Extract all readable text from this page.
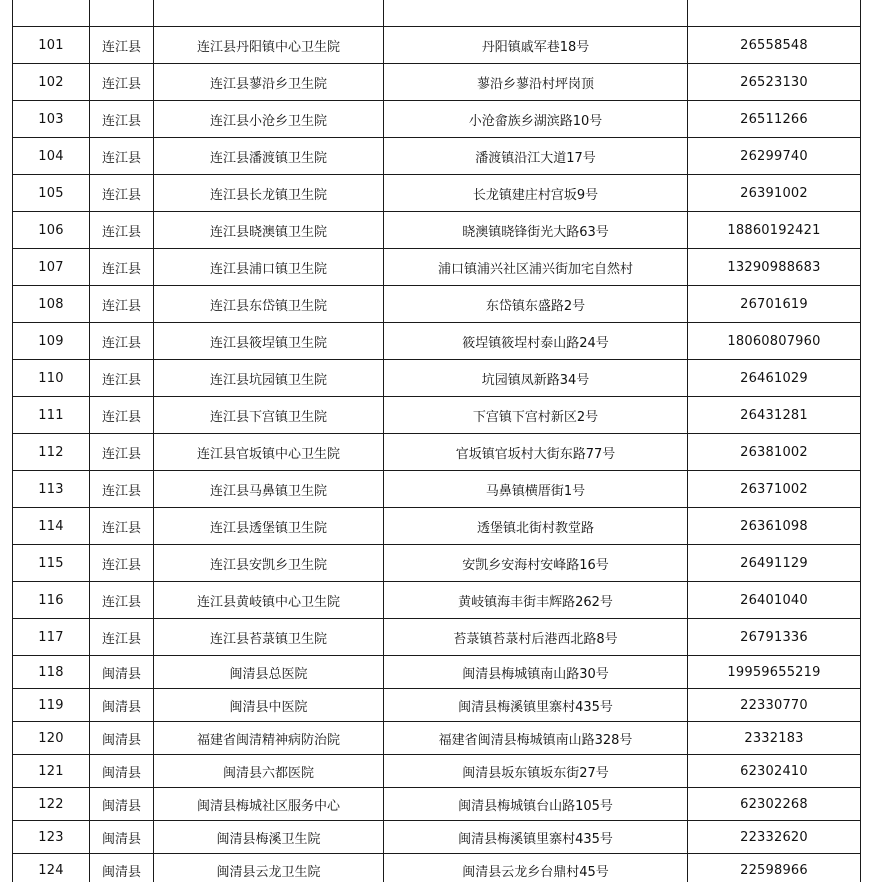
101	连江县	连江县丹阳镇中心卫生院	丹阳镇戚军巷18号	26558548
102	连江县	连江县蓼沿乡卫生院	蓼沿乡蓼沿村坪岗顶	26523130
103	连江县	连江县小沧乡卫生院	小沧畲族乡湖滨路10号	26511266
104	连江县	连江县潘渡镇卫生院	潘渡镇沿江大道17号	26299740
105	连江县	连江县长龙镇卫生院	长龙镇建庄村宫坂9号	26391002
106	连江县	连江县晓澳镇卫生院	晓澳镇晓锋街光大路63号	18860192421
107	连江县	连江县浦口镇卫生院	浦口镇浦兴社区浦兴街加宅自然村	13290988683
108	连江县	连江县东岱镇卫生院	东岱镇东盛路2号	26701619
109	连江县	连江县筱埕镇卫生院	筱埕镇筱埕村泰山路24号	18060807960
110	连江县	连江县坑园镇卫生院	坑园镇凤新路34号	26461029
111	连江县	连江县下宫镇卫生院	下宫镇下宫村新区2号	26431281
112	连江县	连江县官坂镇中心卫生院	官坂镇官坂村大街东路77号	26381002
113	连江县	连江县马鼻镇卫生院	马鼻镇横厝街1号	26371002
114	连江县	连江县透堡镇卫生院	透堡镇北街村教堂路	26361098
115	连江县	连江县安凯乡卫生院	安凯乡安海村安峰路16号	26491129
116	连江县	连江县黄岐镇中心卫生院	黄岐镇海丰街丰辉路262号	26401040
117	连江县	连江县苔菉镇卫生院	苔菉镇苔菉村后港西北路8号	26791336
118	闽清县	闽清县总医院	闽清县梅城镇南山路30号	19959655219
119	闽清县	闽清县中医院	闽清县梅溪镇里寨村435号	22330770
120	闽清县	福建省闽清精神病防治院	福建省闽清县梅城镇南山路328号	2332183
121	闽清县	闽清县六都医院	闽清县坂东镇坂东街27号	62302410
122	闽清县	闽清县梅城社区服务中心	闽清县梅城镇台山路105号	62302268
123	闽清县	闽清县梅溪卫生院	闽清县梅溪镇里寨村435号	22332620
124	闽清县	闽清县云龙卫生院	闽清县云龙乡台鼎村45号	22598966
